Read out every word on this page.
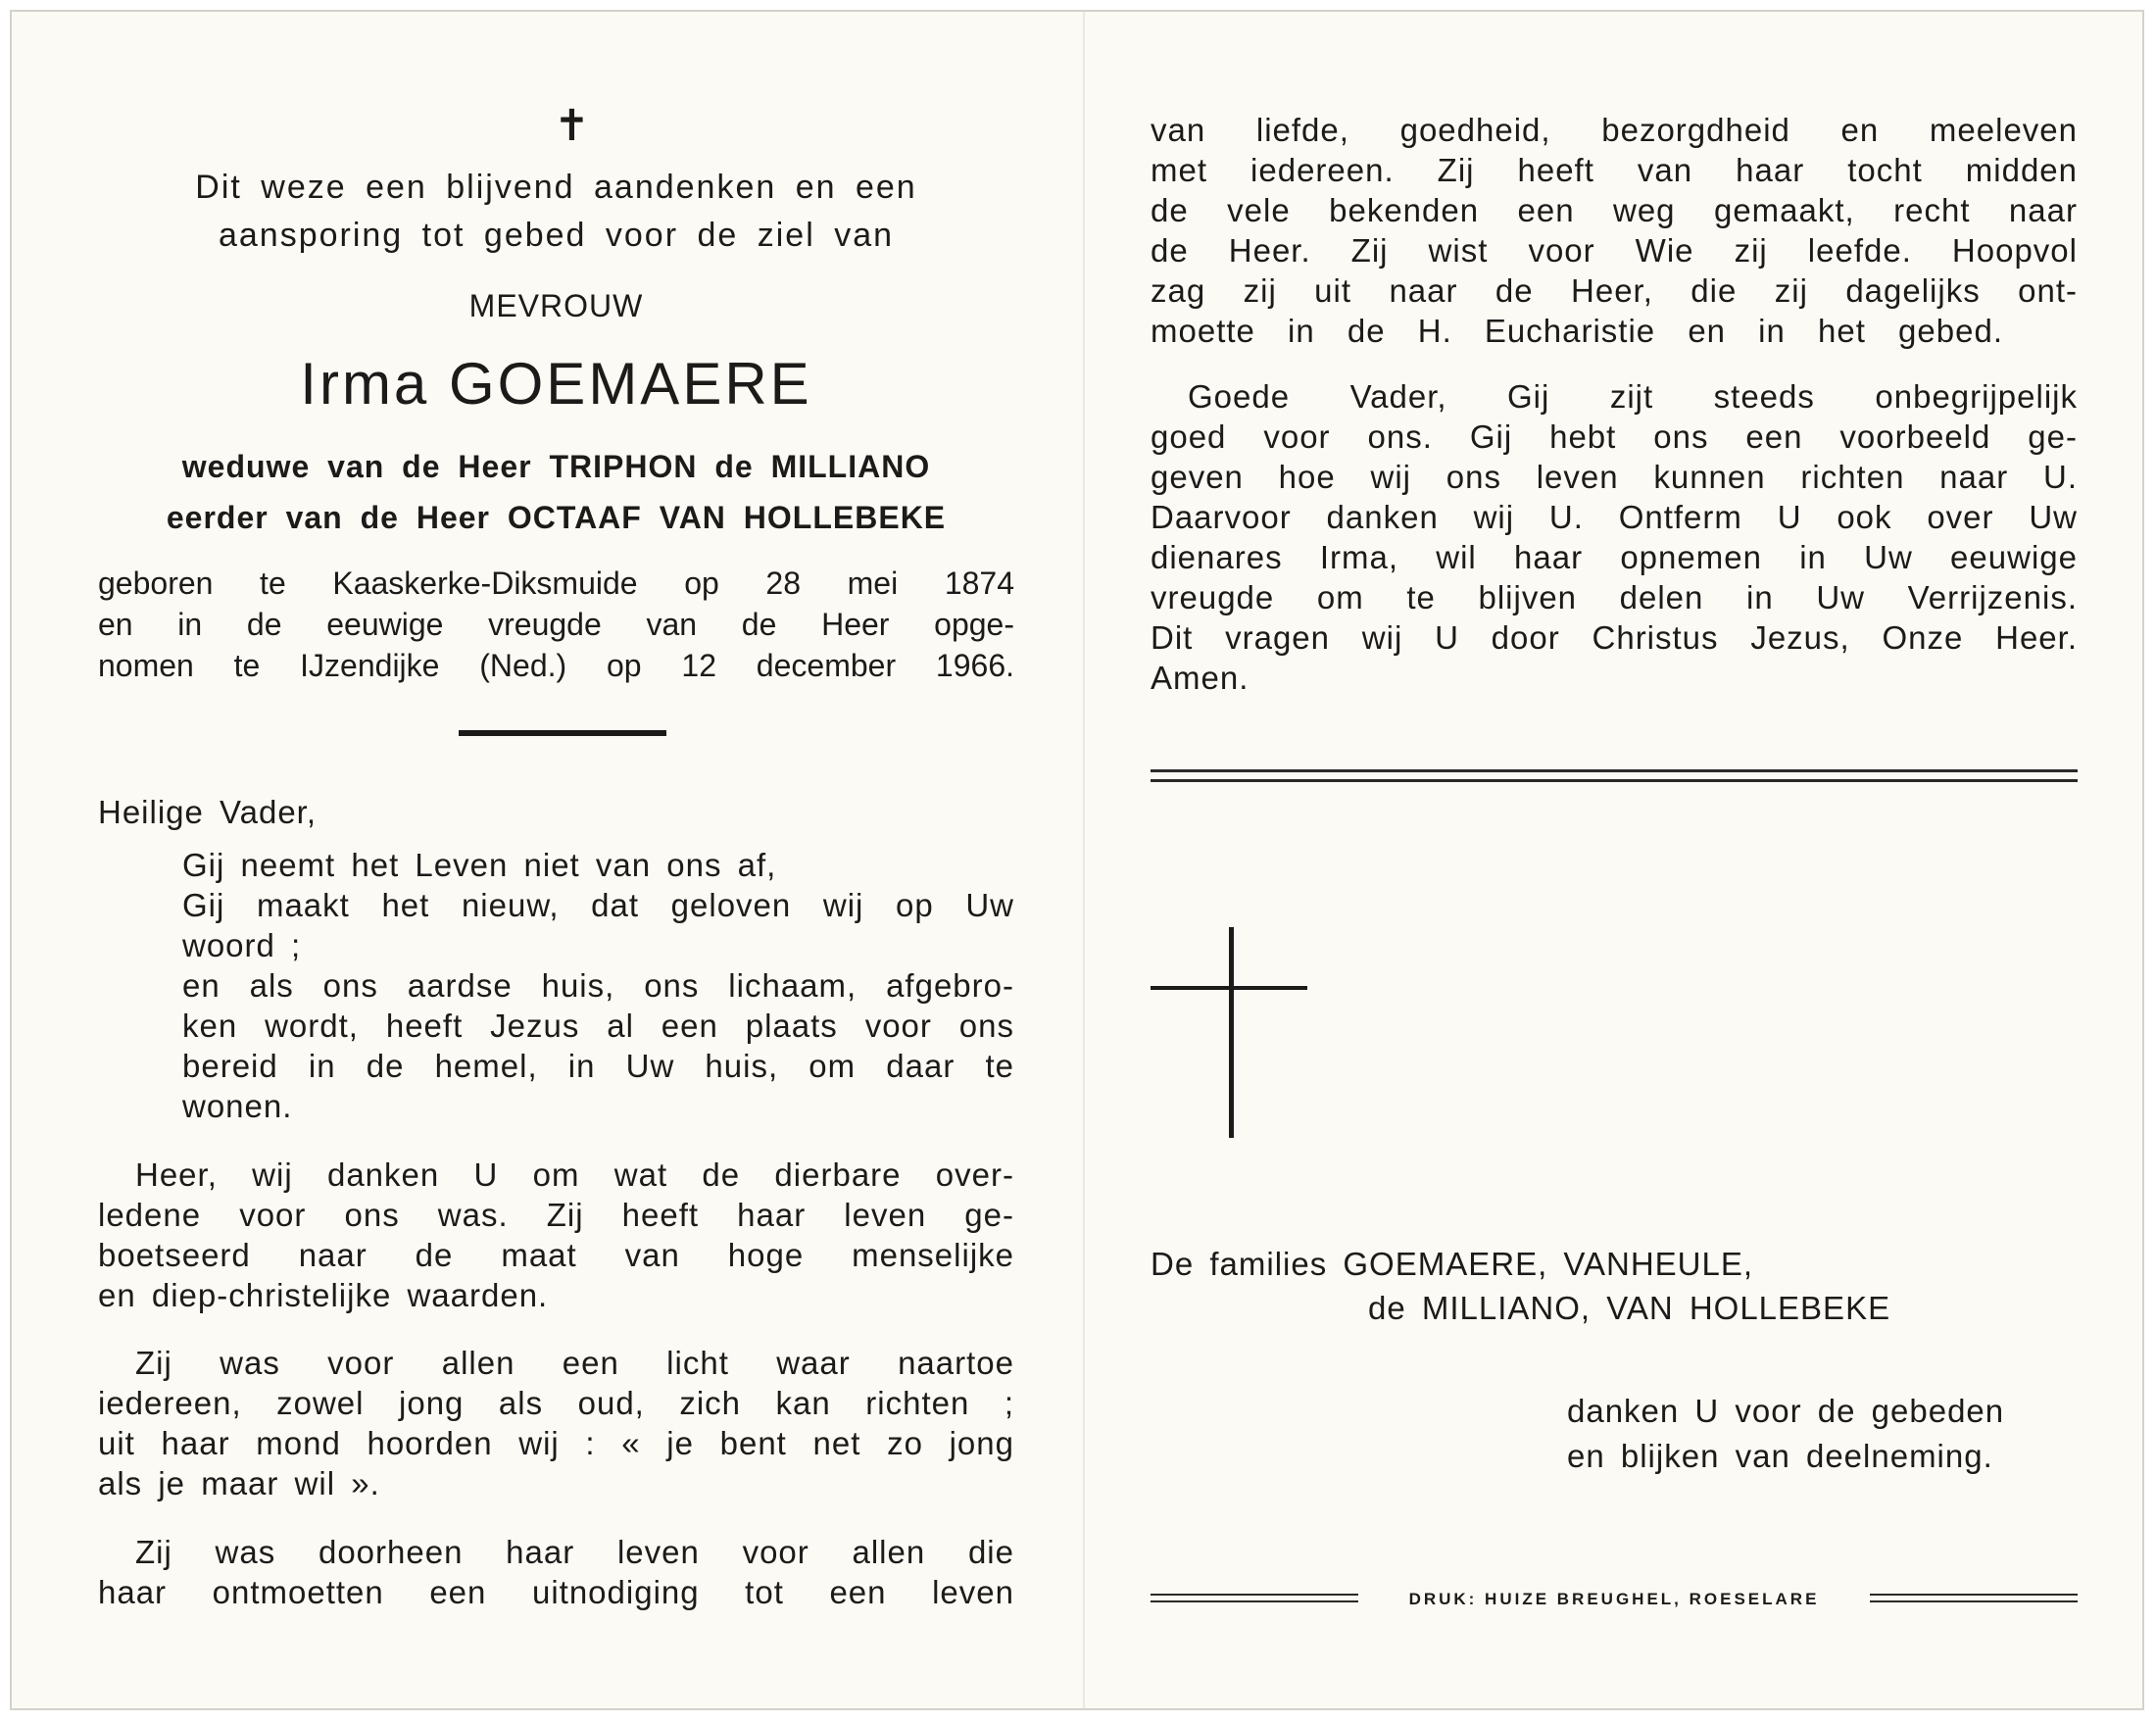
✝
Dit weze een blijvend aandenken en een
aansporing tot gebed voor de ziel van
MEVROUW
Irma GOEMAERE
weduwe van de Heer TRIPHON de MILLIANO
eerder van de Heer OCTAAF VAN HOLLEBEKE
geboren te Kaaskerke-Diksmuide op 28 mei 1874
en in de eeuwige vreugde van de Heer opge-
nomen te IJzendijke (Ned.) op 12 december 1966.
Heilige Vader,
Gij neemt het Leven niet van ons af,
Gij maakt het nieuw, dat geloven wij op Uw
woord ;
en als ons aardse huis, ons lichaam, afgebro-
ken wordt, heeft Jezus al een plaats voor ons
bereid in de hemel, in Uw huis, om daar te
wonen.
Heer, wij danken U om wat de dierbare over-
ledene voor ons was. Zij heeft haar leven ge-
boetseerd naar de maat van hoge menselijke
en diep-christelijke waarden.
Zij was voor allen een licht waar naartoe
iedereen, zowel jong als oud, zich kan richten ;
uit haar mond hoorden wij : « je bent net zo jong
als je maar wil ».
Zij was doorheen haar leven voor allen die
haar ontmoetten een uitnodiging tot een leven
van liefde, goedheid, bezorgdheid en meeleven
met iedereen. Zij heeft van haar tocht midden
de vele bekenden een weg gemaakt, recht naar
de Heer. Zij wist voor Wie zij leefde. Hoopvol
zag zij uit naar de Heer, die zij dagelijks ont-
moette in de H. Eucharistie en in het gebed.
Goede Vader, Gij zijt steeds onbegrijpelijk
goed voor ons. Gij hebt ons een voorbeeld ge-
geven hoe wij ons leven kunnen richten naar U.
Daarvoor danken wij U. Ontferm U ook over Uw
dienares Irma, wil haar opnemen in Uw eeuwige
vreugde om te blijven delen in Uw Verrijzenis.
Dit vragen wij U door Christus Jezus, Onze Heer.
Amen.
De families GOEMAERE, VANHEULE,
de MILLIANO, VAN HOLLEBEKE
danken U voor de gebeden
en blijken van deelneming.
DRUK: HUIZE BREUGHEL, ROESELARE
